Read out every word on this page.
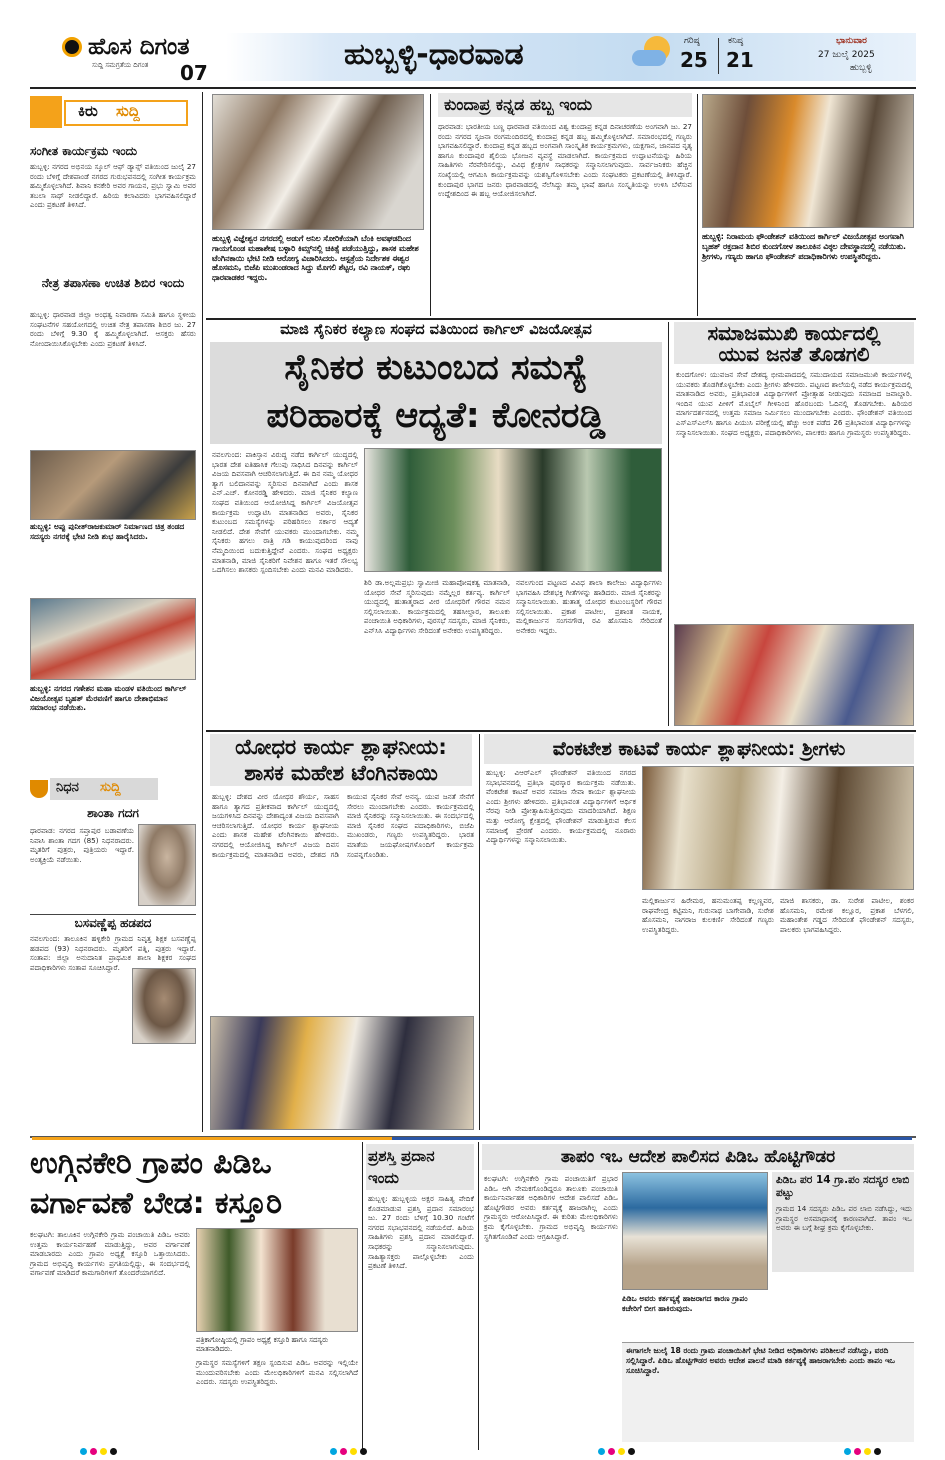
ಹೊಸ ದಿಗಂತ
ಸುದ್ದಿ ಸಮಗ್ರತೆಯ ದಿಗಂತ 07
ಹುಬ್ಬಳ್ಳಿ-ಧಾರವಾಡ	ಗರಿಷ್ಠ
25
ಕನಿಷ್ಠ
21
ಭಾನುವಾರ
27 ಜುಲೈ 2025
ಹುಬ್ಬಳ್ಳಿ
ಕಿರು ಸುದ್ದಿ
ಸಂಗೀತ ಕಾರ್ಯಕ್ರಮ ಇಂದು
ಹುಬ್ಬಳ್ಳಿ: ನಗರದ ಅಭಿನಯ ಸ್ಕೂಲ್ ಆಫ್ ಡ್ಯಾನ್ಸ್ ವತಿಯಿಂದ ಜುಲೈ 27 ರಂದು ಬೆಳಿಗ್ಗೆ ದೇಶಪಾಂಡೆ ನಗರದ ಗುರುಭವನದಲ್ಲಿ ಸಂಗೀತ ಕಾರ್ಯಕ್ರಮ ಹಮ್ಮಿಕೊಳ್ಳಲಾಗಿದೆ. ಶಿವಾನಿ ಕನಕೇರಿ ಅವರ ಗಾಯನ, ಪ್ರಭು ಸ್ವಾಮಿ ಅವರ ತಬಲಾ ಸಾಥ್ ನೀಡಲಿದ್ದಾರೆ. ಹಿರಿಯ ಕಲಾವಿದರು ಭಾಗವಹಿಸಲಿದ್ದಾರೆ ಎಂದು ಪ್ರಕಟಣೆ ತಿಳಿಸಿದೆ.
ನೇತ್ರ ತಪಾಸಣಾ ಉಚಿತ ಶಿಬಿರ ಇಂದು
ಹುಬ್ಬಳ್ಳಿ: ಧಾರವಾಡ ಜಿಲ್ಲಾ ಅಂಧತ್ವ ನಿವಾರಣಾ ಸಮಿತಿ ಹಾಗೂ ಸ್ಥಳೀಯ ಸಂಘಟನೆಗಳ ಸಹಯೋಗದಲ್ಲಿ ಉಚಿತ ನೇತ್ರ ತಪಾಸಣಾ ಶಿಬಿರ ಜು. 27 ರಂದು ಬೆಳಿಗ್ಗೆ 9.30 ಕ್ಕೆ ಹಮ್ಮಿಕೊಳ್ಳಲಾಗಿದೆ. ಆಸಕ್ತರು ಹೆಸರು ನೋಂದಾಯಿಸಿಕೊಳ್ಳಬೇಕು ಎಂದು ಪ್ರಕಟಣೆ ತಿಳಿಸಿದೆ.
ಹುಬ್ಬಳ್ಳಿ: ಅಪ್ಪು ಪುನೀತ್‌ರಾಜಕುಮಾರ್ ನಿರ್ಮಾಣದ ಚಿತ್ರ ತಂಡದ ಸದಸ್ಯರು ನಗರಕ್ಕೆ ಭೇಟಿ ನೀಡಿ ಶುಭ ಹಾರೈಸಿದರು.
ಹುಬ್ಬಳ್ಳಿ: ನಗರದ ಗಣೇಶನ ಮಹಾ ಮಂಡಳ ವತಿಯಿಂದ ಕಾರ್ಗಿಲ್ ವಿಜಯೋತ್ಸವ ಬೃಹತ್ ಮೆರವಣಿಗೆ ಹಾಗೂ ದೇಶಾಭಿಮಾನ ಸಮಾರಂಭ ನಡೆಯಿತು.
ನಿಧನ ಸುದ್ದಿ
ಶಾಂತಾ ಗದಗ
ಧಾರವಾಡ: ನಗರದ ಸಪ್ತಾಪುರ ಬಡಾವಣೆಯ ನಿವಾಸಿ ಶಾಂತಾ ಗದಗ (85) ನಿಧನರಾದರು. ಮೃತರಿಗೆ ಪುತ್ರರು, ಪುತ್ರಿಯರು ಇದ್ದಾರೆ. ಅಂತ್ಯಕ್ರಿಯೆ ನಡೆಯಿತು.
ಬಸವಣ್ಣೆಪ್ಪ ಹಡಪದ
ನವಲಗುಂದ: ತಾಲೂಕಿನ ಹಳ್ಳಿಕೇರಿ ಗ್ರಾಮದ ನಿವೃತ್ತ ಶಿಕ್ಷಕ ಬಸವಣ್ಣೆಪ್ಪ ಹಡಪದ (93) ನಿಧನರಾದರು. ಮೃತರಿಗೆ ಪತ್ನಿ, ಪುತ್ರರು ಇದ್ದಾರೆ. ಸಂತಾಪ: ಜಿಲ್ಲಾ ಅನುದಾನಿತ ಪ್ರಾಥಮಿಕ ಶಾಲಾ ಶಿಕ್ಷಕರ ಸಂಘದ ಪದಾಧಿಕಾರಿಗಳು ಸಂತಾಪ ಸೂಚಿಸಿದ್ದಾರೆ.
ಹುಬ್ಬಳ್ಳಿ ವಿಜ್ಞೇಶ್ವರ ನಗರದಲ್ಲಿ ಅಡುಗೆ ಅನಿಲ ಸೋರಿಕೆಯಾಗಿ ಬೆಂಕಿ ಅವಘಡದಿಂದ ಗಾಯಗೊಂಡ ಮಹಾಶೇಷ ಬಳ್ಳಾರಿ ಕಿಮ್ಸ್‌ನಲ್ಲಿ ಚಿಕಿತ್ಸೆ ಪಡೆಯುತ್ತಿದ್ದು, ಶಾಸಕ ಮಹೇಶ ಟೆಂಗಿನಕಾಯಿ ಭೇಟಿ ನೀಡಿ ಆರೋಗ್ಯ ವಿಚಾರಿಸಿದರು. ಆಸ್ಪತ್ರೆಯ ನಿರ್ದೇಶಕ ಈಶ್ವರ ಹೊಸಮನಿ, ಬಿಜೆಪಿ ಮುಖಂಡರಾದ ಸಿದ್ದು ಮೊಗಲಿ ಶೆಟ್ಟರ, ರವಿ ನಾಯಕ್, ರಘು ಧಾರವಾಡಕರ ಇದ್ದರು.
ಕುಂದಾಪ್ರ ಕನ್ನಡ ಹಬ್ಬ ಇಂದು
ಧಾರವಾಡ: ಭಾರತೀಯ ಬಣ್ಣ ಧಾರವಾಡ ವತಿಯಿಂದ ವಿಶ್ವ ಕುಂದಾಪ್ರ ಕನ್ನಡ ದಿನಾಚರಣೆಯ ಅಂಗವಾಗಿ ಜು. 27 ರಂದು ನಗರದ ಸೃಜನಾ ರಂಗಮಂದಿರದಲ್ಲಿ ಕುಂದಾಪ್ರ ಕನ್ನಡ ಹಬ್ಬ ಹಮ್ಮಿಕೊಳ್ಳಲಾಗಿದೆ. ಸಮಾರಂಭದಲ್ಲಿ ಗಣ್ಯರು ಭಾಗವಹಿಸಲಿದ್ದಾರೆ. ಕುಂದಾಪ್ರ ಕನ್ನಡ ಹಬ್ಬದ ಅಂಗವಾಗಿ ಸಾಂಸ್ಕೃತಿಕ ಕಾರ್ಯಕ್ರಮಗಳು, ಯಕ್ಷಗಾನ, ಜಾನಪದ ನೃತ್ಯ ಹಾಗೂ ಕುಂದಾಪುರ ಶೈಲಿಯ ಭೋಜನ ವ್ಯವಸ್ಥೆ ಮಾಡಲಾಗಿದೆ. ಕಾರ್ಯಕ್ರಮದ ಉದ್ಘಾಟನೆಯನ್ನು ಹಿರಿಯ ಸಾಹಿತಿಗಳು ನೆರವೇರಿಸಲಿದ್ದು, ವಿವಿಧ ಕ್ಷೇತ್ರಗಳ ಸಾಧಕರನ್ನು ಸನ್ಮಾನಿಸಲಾಗುವುದು. ಸಾರ್ವಜನಿಕರು ಹೆಚ್ಚಿನ ಸಂಖ್ಯೆಯಲ್ಲಿ ಆಗಮಿಸಿ ಕಾರ್ಯಕ್ರಮವನ್ನು ಯಶಸ್ವಿಗೊಳಿಸಬೇಕು ಎಂದು ಸಂಘಟಕರು ಪ್ರಕಟಣೆಯಲ್ಲಿ ತಿಳಿಸಿದ್ದಾರೆ. ಕುಂದಾಪುರ ಭಾಗದ ಜನರು ಧಾರವಾಡದಲ್ಲಿ ನೆಲೆಸಿದ್ದು ತಮ್ಮ ಭಾಷೆ ಹಾಗೂ ಸಂಸ್ಕೃತಿಯನ್ನು ಉಳಿಸಿ ಬೆಳೆಸುವ ಉದ್ದೇಶದಿಂದ ಈ ಹಬ್ಬ ಆಯೋಜಿಸಲಾಗಿದೆ.
ಹುಬ್ಬಳ್ಳಿ: ನಿರಾಮಯ ಫೌಂಡೇಶನ್ ವತಿಯಿಂದ ಕಾರ್ಗಿಲ್ ವಿಜಯೋತ್ಸವ ಅಂಗವಾಗಿ ಬೃಹತ್ ರಕ್ತದಾನ ಶಿಬಿರ ಕುಂದಗೋಳ ತಾಲೂಕಿನ ವಿಠ್ಠಲ ದೇವಸ್ಥಾನದಲ್ಲಿ ನಡೆಯಿತು. ಶ್ರೀಗಳು, ಗಣ್ಯರು ಹಾಗೂ ಫೌಂಡೇಶನ್ ಪದಾಧಿಕಾರಿಗಳು ಉಪಸ್ಥಿತರಿದ್ದರು.
ಮಾಜಿ ಸೈನಿಕರ ಕಲ್ಯಾಣ ಸಂಘದ ವತಿಯಿಂದ ಕಾರ್ಗಿಲ್ ವಿಜಯೋತ್ಸವ
ಸೈನಿಕರ ಕುಟುಂಬದ ಸಮಸ್ಯೆ
ಪರಿಹಾರಕ್ಕೆ ಆದ್ಯತೆ: ಕೋನರಡ್ಡಿ
ನವಲಗುಂದ: ಪಾಕಿಸ್ತಾನ ವಿರುದ್ಧ ನಡೆದ ಕಾರ್ಗಿಲ್ ಯುದ್ಧದಲ್ಲಿ ಭಾರತ ದೇಶ ಐತಿಹಾಸಿಕ ಗೆಲುವು ಸಾಧಿಸಿದ ದಿನವನ್ನು ಕಾರ್ಗಿಲ್ ವಿಜಯ ದಿವಸವಾಗಿ ಆಚರಿಸಲಾಗುತ್ತಿದೆ. ಈ ದಿನ ನಮ್ಮ ಯೋಧರ ತ್ಯಾಗ ಬಲಿದಾನವನ್ನು ಸ್ಮರಿಸುವ ದಿನವಾಗಿದೆ ಎಂದು ಶಾಸಕ ಎನ್.ಎಚ್. ಕೋನರಡ್ಡಿ ಹೇಳಿದರು. ಮಾಜಿ ಸೈನಿಕರ ಕಲ್ಯಾಣ ಸಂಘದ ವತಿಯಿಂದ ಆಯೋಜಿಸಿದ್ದ ಕಾರ್ಗಿಲ್ ವಿಜಯೋತ್ಸವ ಕಾರ್ಯಕ್ರಮ ಉದ್ಘಾಟಿಸಿ ಮಾತನಾಡಿದ ಅವರು, ಸೈನಿಕರ ಕುಟುಂಬದ ಸಮಸ್ಯೆಗಳನ್ನು ಪರಿಹರಿಸಲು ಸರ್ಕಾರ ಆದ್ಯತೆ ನೀಡಲಿದೆ. ದೇಶ ಸೇವೆಗೆ ಯುವಕರು ಮುಂದಾಗಬೇಕು. ನಮ್ಮ ಸೈನಿಕರು ಹಗಲು ರಾತ್ರಿ ಗಡಿ ಕಾಯುವುದರಿಂದ ನಾವು ನೆಮ್ಮದಿಯಿಂದ ಬದುಕುತ್ತಿದ್ದೇವೆ ಎಂದರು. ಸಂಘದ ಅಧ್ಯಕ್ಷರು ಮಾತನಾಡಿ, ಮಾಜಿ ಸೈನಿಕರಿಗೆ ನಿವೇಶನ ಹಾಗೂ ಇತರೆ ಸೌಲಭ್ಯ ಒದಗಿಸಲು ಶಾಸಕರು ಸ್ಪಂದಿಸಬೇಕು ಎಂದು ಮನವಿ ಮಾಡಿದರು.
ಶಿರಿ ಡಾ.ಅಲ್ಲಮಪ್ರಭು ಸ್ವಾಮೀಜಿ ಮಹಾಪೋಷಕತ್ವ ಮಾತನಾಡಿ, ಯೋಧರ ಸೇವೆ ಸ್ಮರಿಸುವುದು ನಮ್ಮೆಲ್ಲರ ಕರ್ತವ್ಯ. ಕಾರ್ಗಿಲ್ ಯುದ್ಧದಲ್ಲಿ ಹುತಾತ್ಮರಾದ ವೀರ ಯೋಧರಿಗೆ ಗೌರವ ನಮನ ಸಲ್ಲಿಸಲಾಯಿತು. ಕಾರ್ಯಕ್ರಮದಲ್ಲಿ ತಹಸೀಲ್ದಾರ, ತಾಲೂಕು ಪಂಚಾಯಿತಿ ಅಧಿಕಾರಿಗಳು, ಪುರಸಭೆ ಸದಸ್ಯರು, ಮಾಜಿ ಸೈನಿಕರು, ಎನ್‌ಸಿಸಿ ವಿದ್ಯಾರ್ಥಿಗಳು ಸೇರಿದಂತೆ ಅನೇಕರು ಉಪಸ್ಥಿತರಿದ್ದರು.
ನವಲಗುಂದ ಪಟ್ಟಣದ ವಿವಿಧ ಶಾಲಾ ಕಾಲೇಜು ವಿದ್ಯಾರ್ಥಿಗಳು ಭಾಗವಹಿಸಿ ದೇಶಭಕ್ತಿ ಗೀತೆಗಳನ್ನು ಹಾಡಿದರು. ಮಾಜಿ ಸೈನಿಕರನ್ನು ಸನ್ಮಾನಿಸಲಾಯಿತು. ಹುತಾತ್ಮ ಯೋಧರ ಕುಟುಂಬಸ್ಥರಿಗೆ ಗೌರವ ಸಲ್ಲಿಸಲಾಯಿತು. ಪ್ರಕಾಶ ಪಾಟೀಲ, ಪ್ರಶಾಂತ ನಾಯಕ, ಮಲ್ಲಿಕಾರ್ಜುನ ಸಂಗನಗೌಡ, ರವಿ ಹೊಸಮನಿ ಸೇರಿದಂತೆ ಅನೇಕರು ಇದ್ದರು.
ಸಮಾಜಮುಖಿ ಕಾರ್ಯದಲ್ಲಿ
ಯುವ ಜನತೆ ತೊಡಗಲಿ
ಕುಂದಗೋಳ: ಯುವಜನ ಸೇವೆ ದೇಶದ್ಯ ಭೀಮಪಾದದಲ್ಲಿ ಸಮುದಾಯದ ಸಮಾಜಮುಖಿ ಕಾರ್ಯಗಳಲ್ಲಿ ಯುವಕರು ತೊಡಗಿಕೊಳ್ಳಬೇಕು ಎಂದು ಶ್ರೀಗಳು ಹೇಳಿದರು. ಪಟ್ಟಣದ ಶಾಲೆಯಲ್ಲಿ ನಡೆದ ಕಾರ್ಯಕ್ರಮದಲ್ಲಿ ಮಾತನಾಡಿದ ಅವರು, ಪ್ರತಿಭಾವಂತ ವಿದ್ಯಾರ್ಥಿಗಳಿಗೆ ಪ್ರೋತ್ಸಾಹ ನೀಡುವುದು ಸಮಾಜದ ಜವಾಬ್ದಾರಿ. ಇಂದಿನ ಯುವ ಪೀಳಿಗೆ ಮೊಬೈಲ್ ಗೀಳಿನಿಂದ ಹೊರಬಂದು ಓದಿನಲ್ಲಿ ತೊಡಗಬೇಕು. ಹಿರಿಯರ ಮಾರ್ಗದರ್ಶನದಲ್ಲಿ ಉತ್ತಮ ಸಮಾಜ ನಿರ್ಮಿಸಲು ಮುಂದಾಗಬೇಕು ಎಂದರು. ಫೌಂಡೇಶನ್ ವತಿಯಿಂದ ಎಸ್‌ಎಸ್‌ಎಲ್‌ಸಿ ಹಾಗೂ ಪಿಯುಸಿ ಪರೀಕ್ಷೆಯಲ್ಲಿ ಹೆಚ್ಚು ಅಂಕ ಪಡೆದ 26 ಪ್ರತಿಭಾವಂತ ವಿದ್ಯಾರ್ಥಿಗಳನ್ನು ಸನ್ಮಾನಿಸಲಾಯಿತು. ಸಂಘದ ಅಧ್ಯಕ್ಷರು, ಪದಾಧಿಕಾರಿಗಳು, ಪಾಲಕರು ಹಾಗೂ ಗ್ರಾಮಸ್ಥರು ಉಪಸ್ಥಿತರಿದ್ದರು.
ಯೋಧರ ಕಾರ್ಯ ಶ್ಲಾಘನೀಯ:
ಶಾಸಕ ಮಹೇಶ ಟೆಂಗಿನಕಾಯಿ
ಹುಬ್ಬಳ್ಳಿ: ದೇಶದ ವೀರ ಯೋಧರ ಶೌರ್ಯ, ಸಾಹಸ ಹಾಗೂ ತ್ಯಾಗದ ಪ್ರತೀಕವಾದ ಕಾರ್ಗಿಲ್ ಯುದ್ಧದಲ್ಲಿ ಜಯಗಳಿಸಿದ ದಿನವನ್ನು ದೇಶಾದ್ಯಂತ ವಿಜಯ ದಿವಸವಾಗಿ ಆಚರಿಸಲಾಗುತ್ತಿದೆ. ಯೋಧರ ಕಾರ್ಯ ಶ್ಲಾಘನೀಯ ಎಂದು ಶಾಸಕ ಮಹೇಶ ಟೆಂಗಿನಕಾಯಿ ಹೇಳಿದರು. ನಗರದಲ್ಲಿ ಆಯೋಜಿಸಿದ್ದ ಕಾರ್ಗಿಲ್ ವಿಜಯ ದಿವಸ ಕಾರ್ಯಕ್ರಮದಲ್ಲಿ ಮಾತನಾಡಿದ ಅವರು, ದೇಶದ ಗಡಿ ಕಾಯುವ ಸೈನಿಕರ ಸೇವೆ ಅನನ್ಯ. ಯುವ ಜನತೆ ಸೇನೆಗೆ ಸೇರಲು ಮುಂದಾಗಬೇಕು ಎಂದರು. ಕಾರ್ಯಕ್ರಮದಲ್ಲಿ ಮಾಜಿ ಸೈನಿಕರನ್ನು ಸನ್ಮಾನಿಸಲಾಯಿತು. ಈ ಸಂದರ್ಭದಲ್ಲಿ ಮಾಜಿ ಸೈನಿಕರ ಸಂಘದ ಪದಾಧಿಕಾರಿಗಳು, ಬಿಜೆಪಿ ಮುಖಂಡರು, ಗಣ್ಯರು ಉಪಸ್ಥಿತರಿದ್ದರು. ಭಾರತ ಮಾತೆಯ ಜಯಘೋಷಗಳೊಂದಿಗೆ ಕಾರ್ಯಕ್ರಮ ಸಂಪನ್ನಗೊಂಡಿತು.
ವೆಂಕಟೇಶ ಕಾಟವೆ ಕಾರ್ಯ ಶ್ಲಾಘನೀಯ: ಶ್ರೀಗಳು
ಹುಬ್ಬಳ್ಳಿ: ವಿಆರ್‌ಎಲ್ ಫೌಂಡೇಶನ್ ವತಿಯಿಂದ ನಗರದ ಸಭಾಭವನದಲ್ಲಿ ಪ್ರತಿಭಾ ಪುರಸ್ಕಾರ ಕಾರ್ಯಕ್ರಮ ನಡೆಯಿತು. ವೆಂಕಟೇಶ ಕಾಟವೆ ಅವರ ಸಮಾಜ ಸೇವಾ ಕಾರ್ಯ ಶ್ಲಾಘನೀಯ ಎಂದು ಶ್ರೀಗಳು ಹೇಳಿದರು. ಪ್ರತಿಭಾವಂತ ವಿದ್ಯಾರ್ಥಿಗಳಿಗೆ ಆರ್ಥಿಕ ನೆರವು ನೀಡಿ ಪ್ರೋತ್ಸಾಹಿಸುತ್ತಿರುವುದು ಮಾದರಿಯಾಗಿದೆ. ಶಿಕ್ಷಣ ಮತ್ತು ಆರೋಗ್ಯ ಕ್ಷೇತ್ರದಲ್ಲಿ ಫೌಂಡೇಶನ್ ಮಾಡುತ್ತಿರುವ ಕೆಲಸ ಸಮಾಜಕ್ಕೆ ಪ್ರೇರಣೆ ಎಂದರು. ಕಾರ್ಯಕ್ರಮದಲ್ಲಿ ನೂರಾರು ವಿದ್ಯಾರ್ಥಿಗಳನ್ನು ಸನ್ಮಾನಿಸಲಾಯಿತು.
ಮಲ್ಲಿಕಾರ್ಜುನ ಹಿರೇಮಠ, ಹನುಮಂತಪ್ಪ ಕಲ್ಲಣ್ಣವರ, ರಾಘವೇಂದ್ರ ಕಟ್ಟಿಮನಿ, ಗುರುನಾಥ ಬಾಗೇವಾಡಿ, ಸುರೇಶ ಹೊಸಮನಿ, ನಾಗರಾಜ ಕುಲಕರ್ಣಿ ಸೇರಿದಂತೆ ಗಣ್ಯರು ಉಪಸ್ಥಿತರಿದ್ದರು.
ಮಾಜಿ ಶಾಸಕರು, ಡಾ. ಸುರೇಶ ಪಾಟೀಲ, ಶಂಕರ ಹೊಸಮನಿ, ರಮೇಶ ಕಲ್ಲೂರ, ಪ್ರಕಾಶ ಬೆಳಗಲಿ, ಮಹಾಂತೇಶ ಗಡ್ಡದ ಸೇರಿದಂತೆ ಫೌಂಡೇಶನ್ ಸದಸ್ಯರು, ಪಾಲಕರು ಭಾಗವಹಿಸಿದ್ದರು.
ಉಗ್ಗಿನಕೇರಿ ಗ್ರಾಪಂ ಪಿಡಿಒ
ವರ್ಗಾವಣೆ ಬೇಡ: ಕಸ್ತೂರಿ
ಕಲಘಟಗಿ: ತಾಲೂಕಿನ ಉಗ್ಗಿನಕೇರಿ ಗ್ರಾಮ ಪಂಚಾಯಿತಿ ಪಿಡಿಒ ಅವರು ಉತ್ತಮ ಕಾರ್ಯನಿರ್ವಹಣೆ ಮಾಡುತ್ತಿದ್ದು, ಅವರ ವರ್ಗಾವಣೆ ಮಾಡಬಾರದು ಎಂದು ಗ್ರಾಪಂ ಅಧ್ಯಕ್ಷೆ ಕಸ್ತೂರಿ ಒತ್ತಾಯಿಸಿದರು. ಗ್ರಾಮದ ಅಭಿವೃದ್ಧಿ ಕಾರ್ಯಗಳು ಪ್ರಗತಿಯಲ್ಲಿದ್ದು, ಈ ಸಂದರ್ಭದಲ್ಲಿ ವರ್ಗಾವಣೆ ಮಾಡಿದರೆ ಕಾಮಗಾರಿಗಳಿಗೆ ತೊಂದರೆಯಾಗಲಿದೆ.
ಪತ್ರಿಕಾಗೋಷ್ಠಿಯಲ್ಲಿ ಗ್ರಾಪಂ ಅಧ್ಯಕ್ಷೆ ಕಸ್ತೂರಿ ಹಾಗೂ ಸದಸ್ಯರು ಮಾತನಾಡಿದರು.
ಗ್ರಾಮಸ್ಥರ ಸಮಸ್ಯೆಗಳಿಗೆ ತಕ್ಷಣ ಸ್ಪಂದಿಸುವ ಪಿಡಿಒ ಅವರನ್ನು ಇಲ್ಲಿಯೇ ಮುಂದುವರಿಸಬೇಕು ಎಂದು ಮೇಲಧಿಕಾರಿಗಳಿಗೆ ಮನವಿ ಸಲ್ಲಿಸಲಾಗಿದೆ ಎಂದರು. ಸದಸ್ಯರು ಉಪಸ್ಥಿತರಿದ್ದರು.
ಪ್ರಶಸ್ತಿ ಪ್ರದಾನ
ಇಂದು
ಹುಬ್ಬಳ್ಳಿ: ಹುಬ್ಬಳ್ಳಿಯ ಅಕ್ಷರ ಸಾಹಿತ್ಯ ವೇದಿಕೆ ಕೊಡಮಾಡುವ ಪ್ರಶಸ್ತಿ ಪ್ರದಾನ ಸಮಾರಂಭ ಜು. 27 ರಂದು ಬೆಳಿಗ್ಗೆ 10.30 ಗಂಟೆಗೆ ನಗರದ ಸಭಾಭವನದಲ್ಲಿ ನಡೆಯಲಿದೆ. ಹಿರಿಯ ಸಾಹಿತಿಗಳು ಪ್ರಶಸ್ತಿ ಪ್ರದಾನ ಮಾಡಲಿದ್ದಾರೆ. ಸಾಧಕರನ್ನು ಸನ್ಮಾನಿಸಲಾಗುವುದು. ಸಾಹಿತ್ಯಾಸಕ್ತರು ಪಾಲ್ಗೊಳ್ಳಬೇಕು ಎಂದು ಪ್ರಕಟಣೆ ತಿಳಿಸಿದೆ.
ತಾಪಂ ಇಒ ಆದೇಶ ಪಾಲಿಸದ ಪಿಡಿಒ ಹೊಟ್ಟಿಗೌಡರ
ಕಲಘಟಗಿ: ಉಗ್ಗಿನಕೇರಿ ಗ್ರಾಮ ಪಂಚಾಯಿತಿಗೆ ಪ್ರಭಾರ ಪಿಡಿಒ ಆಗಿ ನೇಮಕಗೊಂಡಿದ್ದರೂ ತಾಲೂಕು ಪಂಚಾಯಿತಿ ಕಾರ್ಯನಿರ್ವಾಹಕ ಅಧಿಕಾರಿಗಳ ಆದೇಶ ಪಾಲಿಸದೆ ಪಿಡಿಒ ಹೊಟ್ಟಿಗೌಡರ ಅವರು ಕರ್ತವ್ಯಕ್ಕೆ ಹಾಜರಾಗಿಲ್ಲ ಎಂದು ಗ್ರಾಮಸ್ಥರು ಆರೋಪಿಸಿದ್ದಾರೆ. ಈ ಕುರಿತು ಮೇಲಧಿಕಾರಿಗಳು ಕ್ರಮ ಕೈಗೊಳ್ಳಬೇಕು. ಗ್ರಾಮದ ಅಭಿವೃದ್ಧಿ ಕಾರ್ಯಗಳು ಸ್ಥಗಿತಗೊಂಡಿವೆ ಎಂದು ಆಗ್ರಹಿಸಿದ್ದಾರೆ.
ಪಿಡಿಒ ಅವರು ಕರ್ತವ್ಯಕ್ಕೆ ಹಾಜರಾಗದ ಕಾರಣ ಗ್ರಾಪಂ ಕಚೇರಿಗೆ ಬೀಗ ಹಾಕಿರುವುದು.
ಪಿಡಿಒ ಪರ 14 ಗ್ರಾ.ಪಂ ಸದಸ್ಯರ ಲಾಬಿ ಪಟ್ಟು
ಗ್ರಾಮದ 14 ಸದಸ್ಯರು ಪಿಡಿಒ ಪರ ಲಾಬಿ ನಡೆಸಿದ್ದು, ಇದು ಗ್ರಾಮಸ್ಥರ ಅಸಮಾಧಾನಕ್ಕೆ ಕಾರಣವಾಗಿದೆ. ತಾಪಂ ಇಒ ಅವರು ಈ ಬಗ್ಗೆ ಶೀಘ್ರ ಕ್ರಮ ಕೈಗೊಳ್ಳಬೇಕು.
ಈಗಾಗಲೇ ಜುಲೈ 18 ರಂದು ಗ್ರಾಮ ಪಂಚಾಯಿತಿಗೆ ಭೇಟಿ ನೀಡಿದ ಅಧಿಕಾರಿಗಳು ಪರಿಶೀಲನೆ ನಡೆಸಿದ್ದು, ವರದಿ ಸಲ್ಲಿಸಿದ್ದಾರೆ. ಪಿಡಿಒ ಹೊಟ್ಟಿಗೌಡರ ಅವರು ಆದೇಶ ಪಾಲನೆ ಮಾಡಿ ಕರ್ತವ್ಯಕ್ಕೆ ಹಾಜರಾಗಬೇಕು ಎಂದು ತಾಪಂ ಇಒ ಸೂಚಿಸಿದ್ದಾರೆ.
